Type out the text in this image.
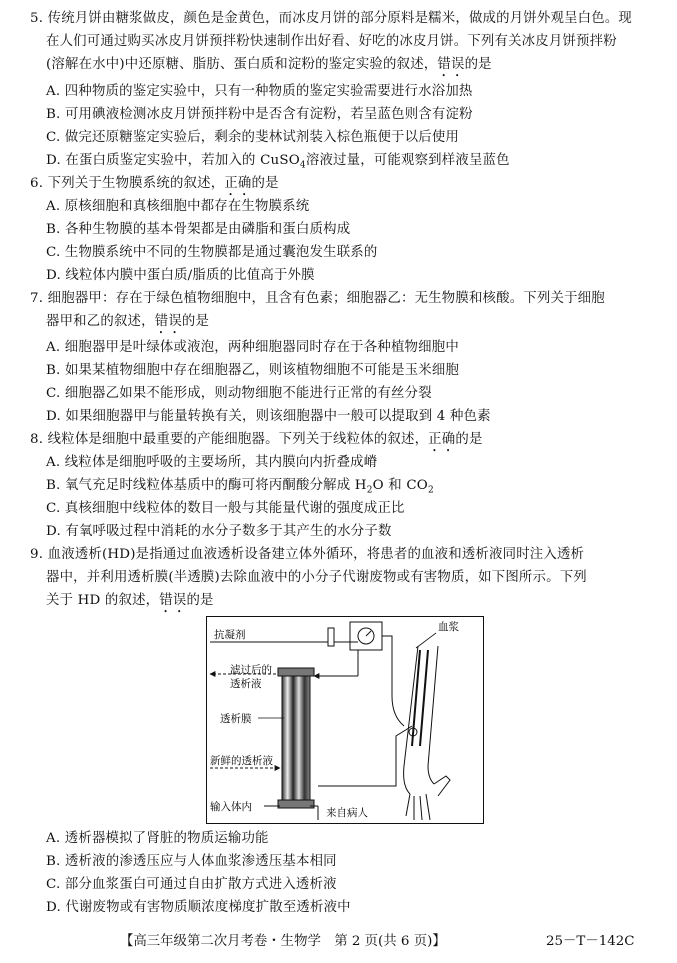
5. 传统月饼由糖浆做皮，颜色是金黄色，而冰皮月饼的部分原料是糯米，做成的月饼外观呈白色。现
在人们可通过购买冰皮月饼预拌粉快速制作出好看、好吃的冰皮月饼。下列有关冰皮月饼预拌粉
(溶解在水中)中还原糖、脂肪、蛋白质和淀粉的鉴定实验的叙述，错误的是
A. 四种物质的鉴定实验中，只有一种物质的鉴定实验需要进行水浴加热
B. 可用碘液检测冰皮月饼预拌粉中是否含有淀粉，若呈蓝色则含有淀粉
C. 做完还原糖鉴定实验后，剩余的斐林试剂装入棕色瓶便于以后使用
D. 在蛋白质鉴定实验中，若加入的 CuSO$_4$溶液过量，可能观察到样液呈蓝色
6. 下列关于生物膜系统的叙述，正确的是
A. 原核细胞和真核细胞中都存在生物膜系统
B. 各种生物膜的基本骨架都是由磷脂和蛋白质构成
C. 生物膜系统中不同的生物膜都是通过囊泡发生联系的
D. 线粒体内膜中蛋白质/脂质的比值高于外膜
7. 细胞器甲：存在于绿色植物细胞中，且含有色素；细胞器乙：无生物膜和核酸。下列关于细胞
器甲和乙的叙述，错误的是
A. 细胞器甲是叶绿体或液泡，两种细胞器同时存在于各种植物细胞中
B. 如果某植物细胞中存在细胞器乙，则该植物细胞不可能是玉米细胞
C. 细胞器乙如果不能形成，则动物细胞不能进行正常的有丝分裂
D. 如果细胞器甲与能量转换有关，则该细胞器中一般可以提取到 4 种色素
8. 线粒体是细胞中最重要的产能细胞器。下列关于线粒体的叙述，正确的是
A. 线粒体是细胞呼吸的主要场所，其内膜向内折叠成嵴
B. 氧气充足时线粒体基质中的酶可将丙酮酸分解成 $H_2O$ 和 $CO_2$
C. 真核细胞中线粒体的数目一般与其能量代谢的强度成正比
D. 有氧呼吸过程中消耗的水分子数多于其产生的水分子数
9. 血液透析(HD)是指通过血液透析设备建立体外循环，将患者的血液和透析液同时注入透析
器中，并利用透析膜(半透膜)去除血液中的小分子代谢废物或有害物质，如下图所示。下列
关于 HD 的叙述，错误的是
抗凝剂
血浆
滤过后的
透析液
透析膜
新鲜的透析液
输入体内
来自病人
A. 透析器模拟了肾脏的物质运输功能
B. 透析液的渗透压应与人体血浆渗透压基本相同
C. 部分血浆蛋白可通过自由扩散方式进入透析液
D. 代谢废物或有害物质顺浓度梯度扩散至透析液中
【高三年级第二次月考卷・生物学　第 2 页(共 6 页)】	25－T－142C
